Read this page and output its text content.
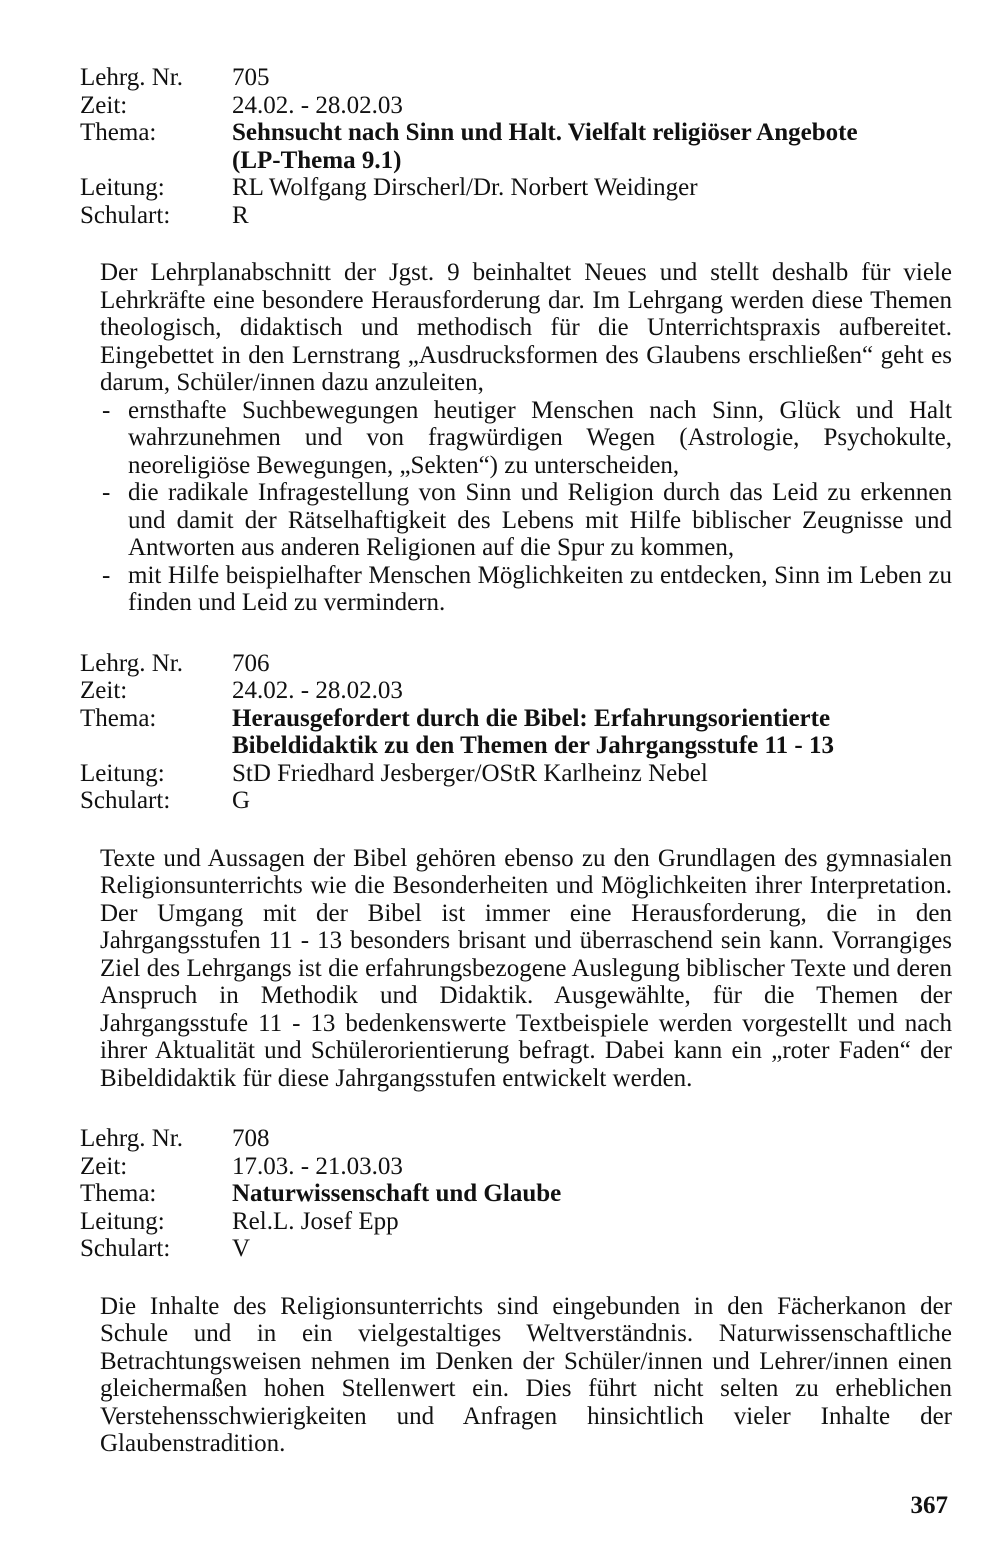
Lehrg. Nr.	705
Zeit:	24.02. - 28.02.03
Thema:	Sehnsucht nach Sinn und Halt. Vielfalt religiöser Angebote
(LP-Thema 9.1)
Leitung:	RL Wolfgang Dirscherl/Dr. Norbert Weidinger
Schulart:	R

Der Lehrplanabschnitt der Jgst. 9 beinhaltet Neues und stellt deshalb für viele Lehrkräfte eine besondere Herausforderung dar. Im Lehrgang werden diese Themen theologisch, didaktisch und methodisch für die Unterrichtspraxis aufbereitet. Eingebettet in den Lernstrang „Ausdrucksformen des Glaubens erschließen“ geht es darum, Schüler/innen dazu anzuleiten,

- ernsthafte Suchbewegungen heutiger Menschen nach Sinn, Glück und Halt wahrzunehmen und von fragwürdigen Wegen (Astrologie, Psychokulte, neoreligiöse Bewegungen, „Sekten“) zu unterscheiden,
- die radikale Infragestellung von Sinn und Religion durch das Leid zu erkennen und damit der Rätselhaftigkeit des Lebens mit Hilfe biblischer Zeugnisse und Antworten aus anderen Religionen auf die Spur zu kommen,
- mit Hilfe beispielhafter Menschen Möglichkeiten zu entdecken, Sinn im Leben zu finden und Leid zu vermindern.
Lehrg. Nr.	706
Zeit:	24.02. - 28.02.03
Thema:	Herausgefordert durch die Bibel: Erfahrungsorientierte
Bibeldidaktik zu den Themen der Jahrgangsstufe 11 - 13
Leitung:	StD Friedhard Jesberger/OStR Karlheinz Nebel
Schulart:	G

Texte und Aussagen der Bibel gehören ebenso zu den Grundlagen des gymnasialen Religionsunterrichts wie die Besonderheiten und Möglichkeiten ihrer Interpretation. Der Umgang mit der Bibel ist immer eine Herausforderung, die in den Jahrgangsstufen 11 - 13 besonders brisant und überraschend sein kann. Vorrangiges Ziel des Lehrgangs ist die erfahrungsbezogene Auslegung biblischer Texte und deren Anspruch in Methodik und Didaktik. Ausgewählte, für die Themen der Jahrgangsstufe 11 - 13 bedenkenswerte Textbeispiele werden vorgestellt und nach ihrer Aktualität und Schülerorientierung befragt. Dabei kann ein „roter Faden“ der Bibeldidaktik für diese Jahrgangsstufen entwickelt werden.

Lehrg. Nr.	708
Zeit:	17.03. - 21.03.03
Thema:	Naturwissenschaft und Glaube
Leitung:	Rel.L. Josef Epp
Schulart:	V

Die Inhalte des Religionsunterrichts sind eingebunden in den Fächerkanon der Schule und in ein vielgestaltiges Weltverständnis. Naturwissenschaftliche Betrachtungsweisen nehmen im Denken der Schüler/innen und Lehrer/innen einen gleichermaßen hohen Stellenwert ein. Dies führt nicht selten zu erheblichen Verstehensschwierigkeiten und Anfragen hinsichtlich vieler Inhalte der Glaubenstradition.

367
